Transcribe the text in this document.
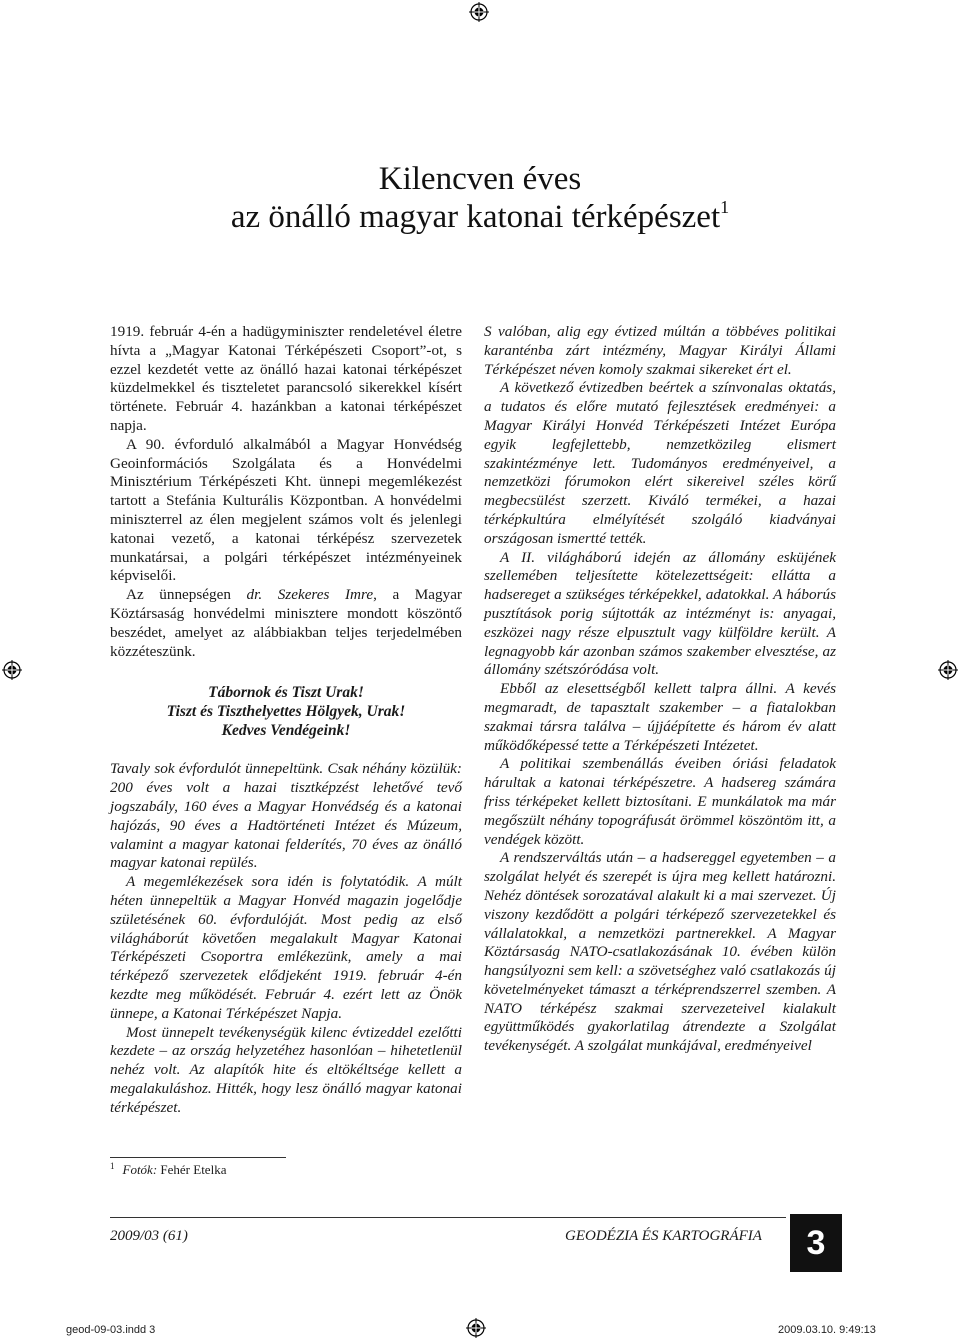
Kilencven éves
az önálló magyar katonai térképészet$^1$

1919. február 4-én a hadügyminiszter rendeletével életre hívta a „Magyar Katonai Térképészeti Csoport”-ot, s ezzel kezdetét vette az önálló hazai katonai térképészet küzdelmekkel és tiszteletet parancsoló sikerekkel kísért története. Február 4. hazánkban a katonai térképészet napja.

A 90. évforduló alkalmából a Magyar Honvédség Geoinformációs Szolgálata és a Honvédelmi Minisztérium Térképészeti Kht. ünnepi megemlékezést tartott a Stefánia Kulturális Központban. A honvédelmi miniszterrel az élen megjelent számos volt és jelenlegi katonai vezető, a katonai térképész szervezetek munkatársai, a polgári térképészet intézményeinek képviselői.

Az ünnepségen dr. Szekeres Imre, a Magyar Köztársaság honvédelmi minisztere mondott köszöntő beszédet, amelyet az alábbiakban teljes terjedelmében közzéteszünk.

Tábornok és Tiszt Urak!
Tiszt és Tiszthelyettes Hölgyek, Urak!
Kedves Vendégeink!

Tavaly sok évfordulót ünnepeltünk. Csak néhány közülük: 200 éves volt a hazai tisztképzést lehetővé tevő jogszabály, 160 éves a Magyar Honvédség és a katonai hajózás, 90 éves a Hadtörténeti Intézet és Múzeum, valamint a magyar katonai felderítés, 70 éves az önálló magyar katonai repülés.

A megemlékezések sora idén is folytatódik. A múlt héten ünnepeltük a Magyar Honvéd magazin jogelődje születésének 60. évfordulóját. Most pedig az első világháborút követően megalakult Magyar Katonai Térképészeti Csoportra emlékezünk, amely a mai térképező szervezetek elődjeként 1919. február 4-én kezdte meg működését. Február 4. ezért lett az Önök ünnepe, a Katonai Térképészet Napja.

Most ünnepelt tevékenységük kilenc évtizeddel ezelőtti kezdete – az ország helyzetéhez hasonlóan – hihetetlenül nehéz volt. Az alapítók hite és eltökéltsége kellett a megalakuláshoz. Hitték, hogy lesz önálló magyar katonai térképészet.

S valóban, alig egy évtized múltán a többéves politikai karanténba zárt intézmény, Magyar Királyi Állami Térképészet néven komoly szakmai sikereket ért el.

A következő évtizedben beértek a színvonalas oktatás, a tudatos és előre mutató fejlesztések eredményei: a Magyar Királyi Honvéd Térképészeti Intézet Európa egyik legfejlettebb, nemzetközileg elismert szakintézménye lett. Tudományos eredményeivel, a nemzetközi fórumokon elért sikereivel széles körű megbecsülést szerzett. Kiváló termékei, a hazai térképkultúra elmélyítését szolgáló kiadványai országosan ismertté tették.

A II. világháború idején az állomány esküjének szellemében teljesítette kötelezettségeit: ellátta a hadsereget a szükséges térképekkel, adatokkal. A háborús pusztítások porig sújtották az intézményt is: anyagai, eszközei nagy része elpusztult vagy külföldre került. A legnagyobb kár azonban számos szakember elvesztése, az állomány szétszóródása volt.

Ebből az elesettségből kellett talpra állni. A kevés megmaradt, de tapasztalt szakember – a fiatalokban szakmai társra találva – újjáépítette és három év alatt működőképessé tette a Térképészeti Intézetet.

A politikai szembenállás éveiben óriási feladatok hárultak a katonai térképészetre. A hadsereg számára friss térképeket kellett biztosítani. E munkálatok ma már megőszült néhány topográfusát örömmel köszöntöm itt, a vendégek között.

A rendszerváltás után – a hadsereggel egyetemben – a szolgálat helyét és szerepét is újra meg kellett határozni. Nehéz döntések sorozatával alakult ki a mai szervezet. Új viszony kezdődött a polgári térképező szervezetekkel és vállalatokkal, a nemzetközi partnerekkel. A Magyar Köztársaság NATO-csatlakozásának 10. évében külön hangsúlyozni sem kell: a szövetséghez való csatlakozás új követelményeket támaszt a térképrendszerrel szemben. A NATO térképész szakmai szervezeteivel kialakult együttműködés gyakorlatilag átrendezte a Szolgálat tevékenységét. A szolgálat munkájával, eredményeivel

$^1$ Fotók: Fehér Etelka
2009/03 (61)	GEODÉZIA ÉS KARTOGRÁFIA	3
geod-09-03.indd 3	2009.03.10. 9:49:13
